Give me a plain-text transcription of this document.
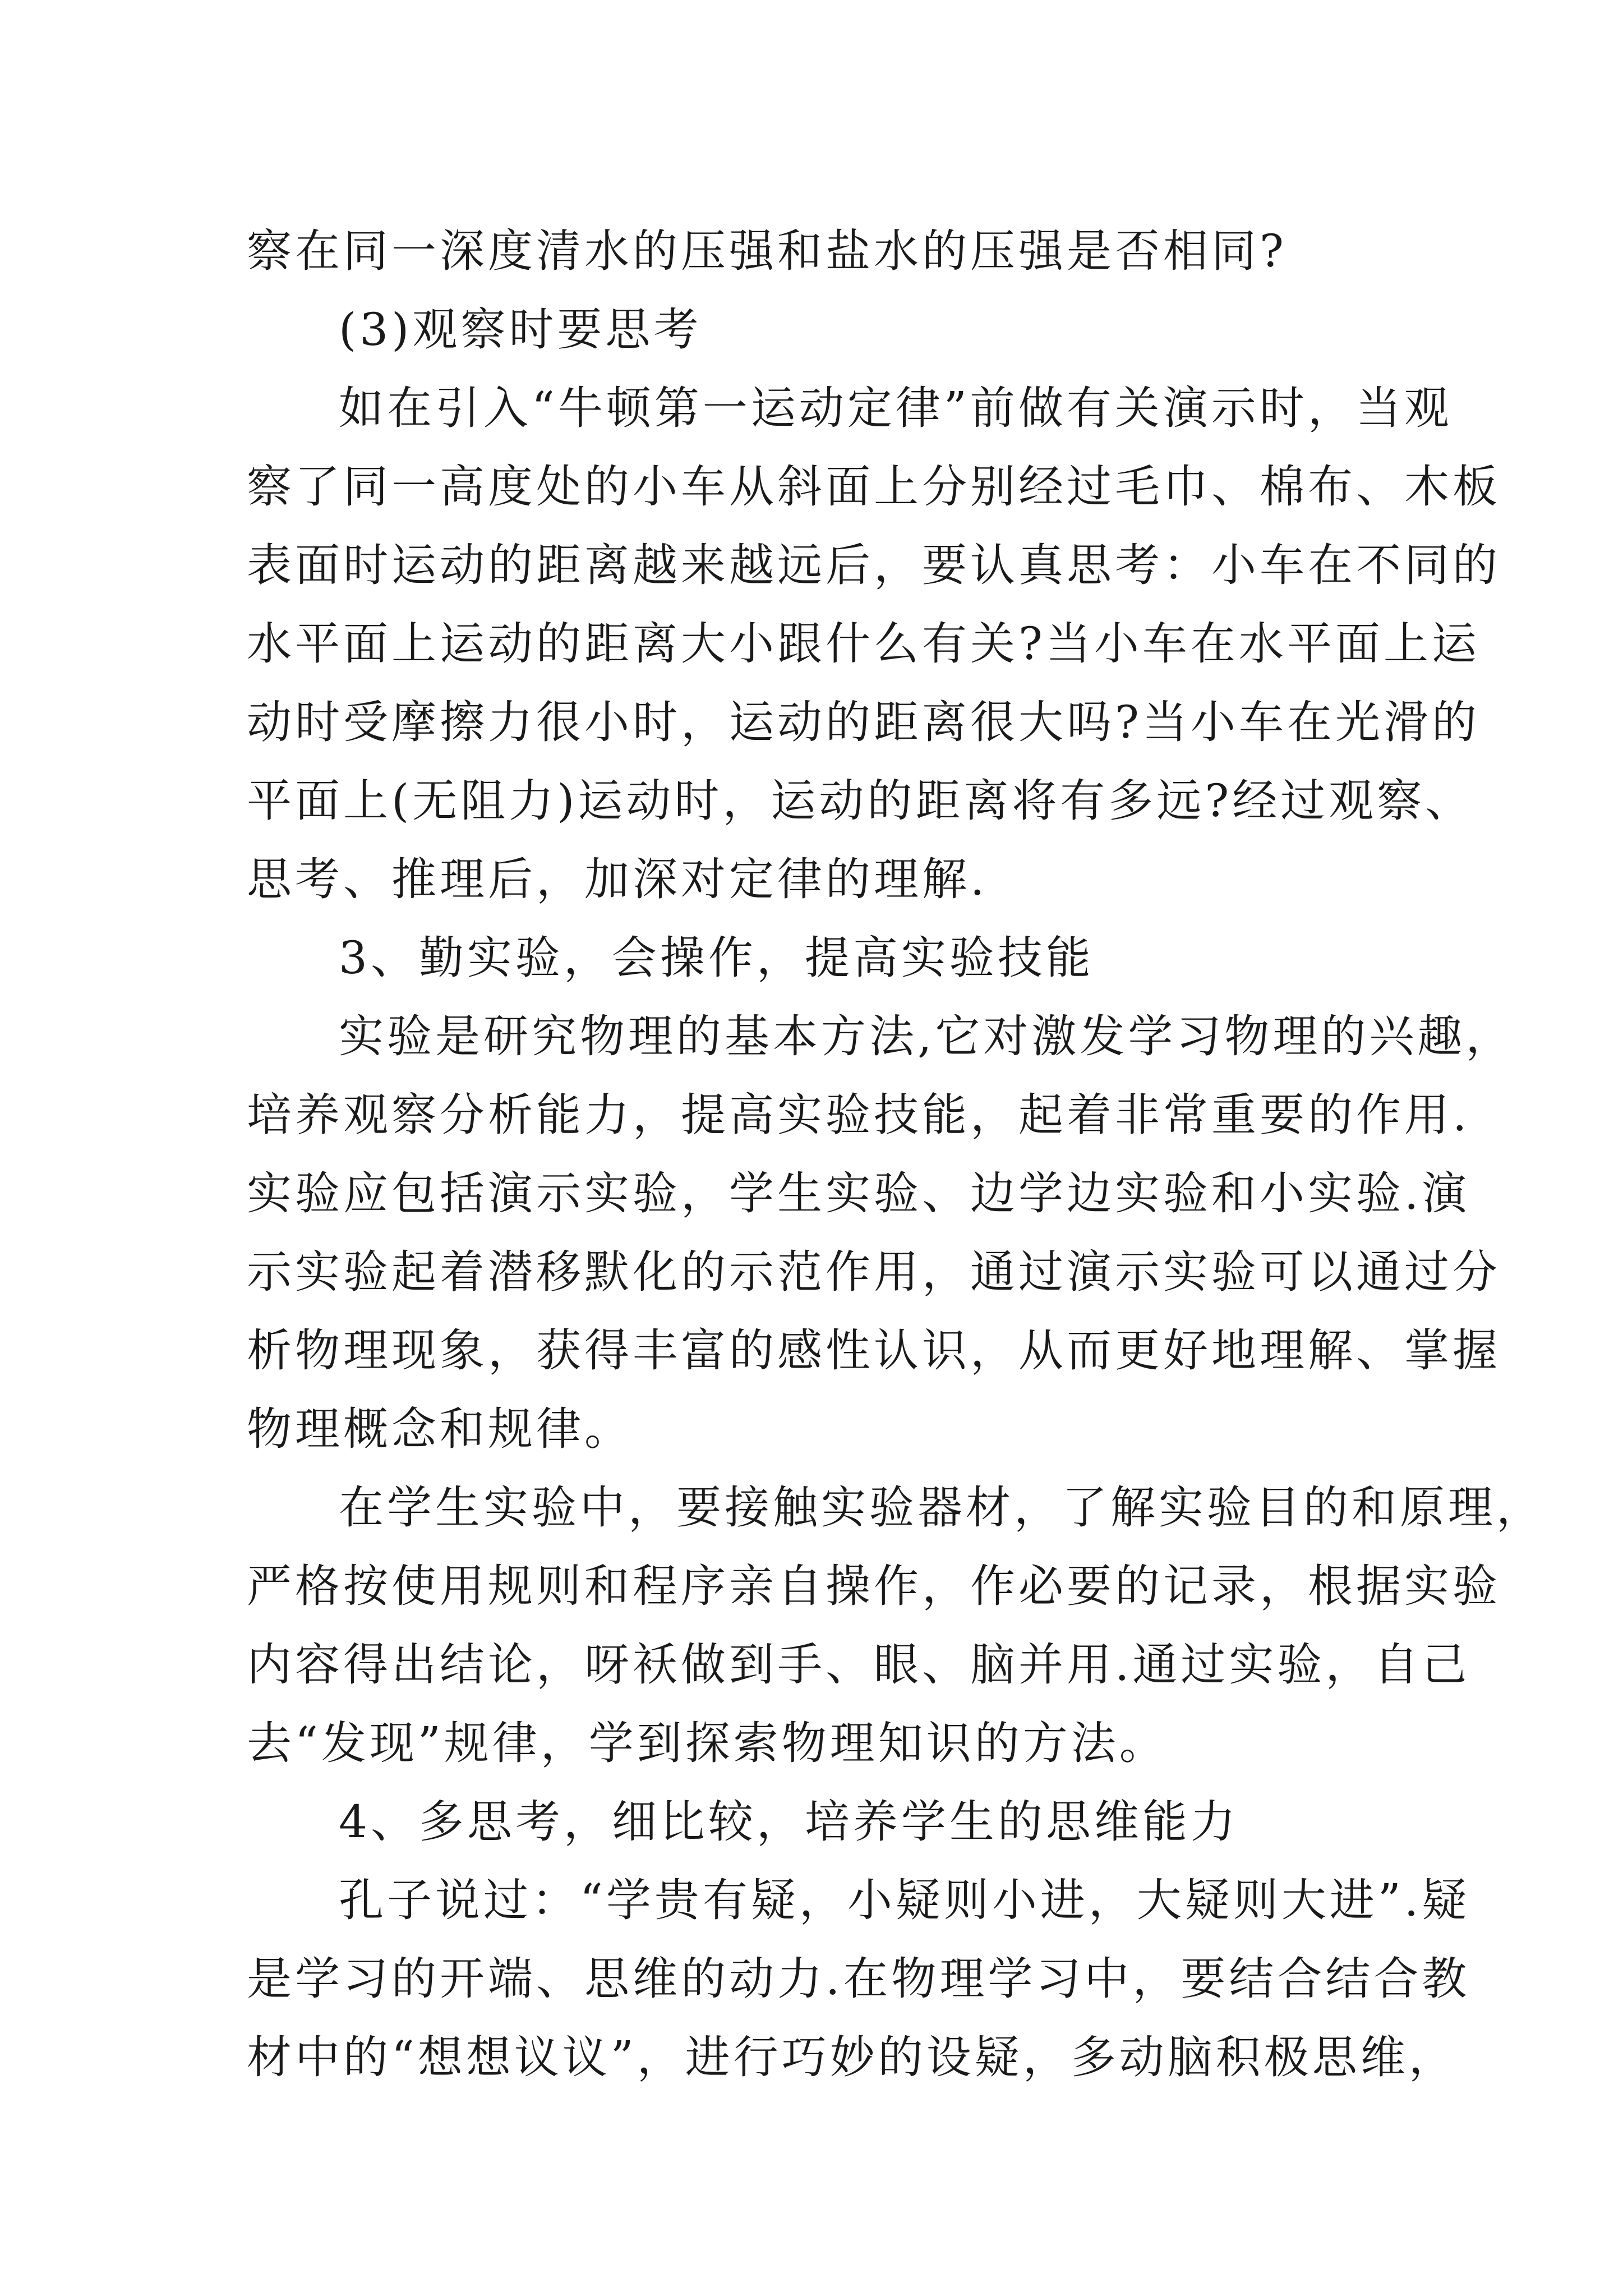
察在同一深度清水的压强和盐水的压强是否相同?
(3)观察时要思考
如在引入“牛顿第一运动定律”前做有关演示时，当观
察了同一高度处的小车从斜面上分别经过毛巾、棉布、木板
表面时运动的距离越来越远后，要认真思考：小车在不同的
水平面上运动的距离大小跟什么有关?当小车在水平面上运
动时受摩擦力很小时，运动的距离很大吗?当小车在光滑的
平面上(无阻力)运动时，运动的距离将有多远?经过观察、
思考、推理后，加深对定律的理解.
3、勤实验，会操作，提高实验技能
实验是研究物理的基本方法,它对激发学习物理的兴趣，
培养观察分析能力，提高实验技能，起着非常重要的作用.
实验应包括演示实验，学生实验、边学边实验和小实验.演
示实验起着潜移默化的示范作用，通过演示实验可以通过分
析物理现象，获得丰富的感性认识，从而更好地理解、掌握
物理概念和规律。
在学生实验中，要接触实验器材，了解实验目的和原理，
严格按使用规则和程序亲自操作，作必要的记录，根据实验
内容得出结论，呀袄做到手、眼、脑并用.通过实验，自己
去“发现”规律，学到探索物理知识的方法。
4、多思考，细比较，培养学生的思维能力
孔子说过：“学贵有疑，小疑则小进，大疑则大进”.疑
是学习的开端、思维的动力.在物理学习中，要结合结合教
材中的“想想议议”，进行巧妙的设疑，多动脑积极思维，
